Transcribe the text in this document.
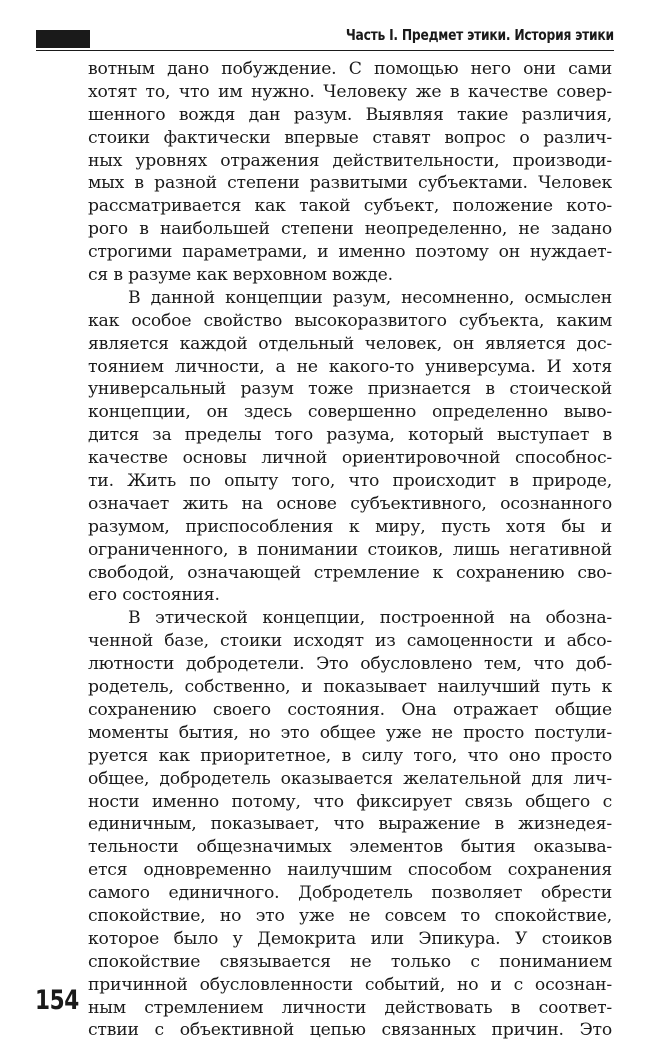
Часть I. Предмет этики. История этики
вотным дано побуждение. С помощью него они сами
хотят то, что им нужно. Человеку же в качестве совер-
шенного вождя дан разум. Выявляя такие различия,
стоики фактически впервые ставят вопрос о различ-
ных уровнях отражения действительности, производи-
мых в разной степени развитыми субъектами. Человек
рассматривается как такой субъект, положение кото-
рого в наибольшей степени неопределенно, не задано
строгими параметрами, и именно поэтому он нуждает-
ся в разуме как верховном вожде.
В данной концепции разум, несомненно, осмыслен
как особое свойство высокоразвитого субъекта, каким
является каждой отдельный человек, он является дос-
тоянием личности, а не какого-то универсума. И хотя
универсальный разум тоже признается в стоической
концепции, он здесь совершенно определенно выво-
дится за пределы того разума, который выступает в
качестве основы личной ориентировочной способнос-
ти. Жить по опыту того, что происходит в природе,
означает жить на основе субъективного, осознанного
разумом, приспособления к миру, пусть хотя бы и
ограниченного, в понимании стоиков, лишь негативной
свободой, означающей стремление к сохранению сво-
его состояния.
В этической концепции, построенной на обозна-
ченной базе, стоики исходят из самоценности и абсо-
лютности добродетели. Это обусловлено тем, что доб-
родетель, собственно, и показывает наилучший путь к
сохранению своего состояния. Она отражает общие
моменты бытия, но это общее уже не просто постули-
руется как приоритетное, в силу того, что оно просто
общее, добродетель оказывается желательной для лич-
ности именно потому, что фиксирует связь общего с
единичным, показывает, что выражение в жизнедея-
тельности общезначимых элементов бытия оказыва-
ется одновременно наилучшим способом сохранения
самого единичного. Добродетель позволяет обрести
спокойствие, но это уже не совсем то спокойствие,
которое было у Демокрита или Эпикура. У стоиков
спокойствие связывается не только с пониманием
причинной обусловленности событий, но и с осознан-
ным стремлением личности действовать в соответ-
ствии с объективной цепью связанных причин. Это
154
